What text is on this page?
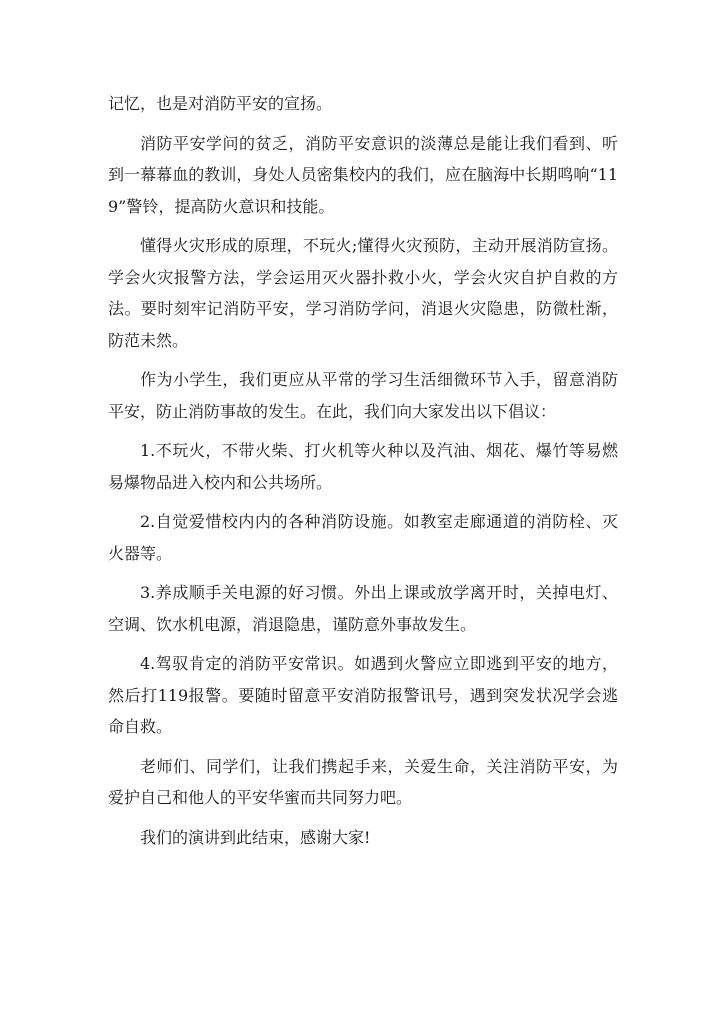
记忆，也是对消防平安的宣扬。

消防平安学问的贫乏，消防平安意识的淡薄总是能让我们看到、听到一幕幕血的教训，身处人员密集校内的我们，应在脑海中长期鸣响“119”警铃，提高防火意识和技能。

懂得火灾形成的原理，不玩火;懂得火灾预防，主动开展消防宣扬。学会火灾报警方法，学会运用灭火器扑救小火，学会火灾自护自救的方法。要时刻牢记消防平安，学习消防学问，消退火灾隐患，防微杜渐，防范未然。

作为小学生，我们更应从平常的学习生活细微环节入手，留意消防平安，防止消防事故的发生。在此，我们向大家发出以下倡议：

1.不玩火，不带火柴、打火机等火种以及汽油、烟花、爆竹等易燃易爆物品进入校内和公共场所。

2.自觉爱惜校内内的各种消防设施。如教室走廊通道的消防栓、灭火器等。

3.养成顺手关电源的好习惯。外出上课或放学离开时，关掉电灯、空调、饮水机电源，消退隐患，谨防意外事故发生。

4.驾驭肯定的消防平安常识。如遇到火警应立即逃到平安的地方，然后打119报警。要随时留意平安消防报警讯号，遇到突发状况学会逃命自救。

老师们、同学们，让我们携起手来，关爱生命，关注消防平安，为爱护自己和他人的平安华蜜而共同努力吧。

我们的演讲到此结束，感谢大家!
